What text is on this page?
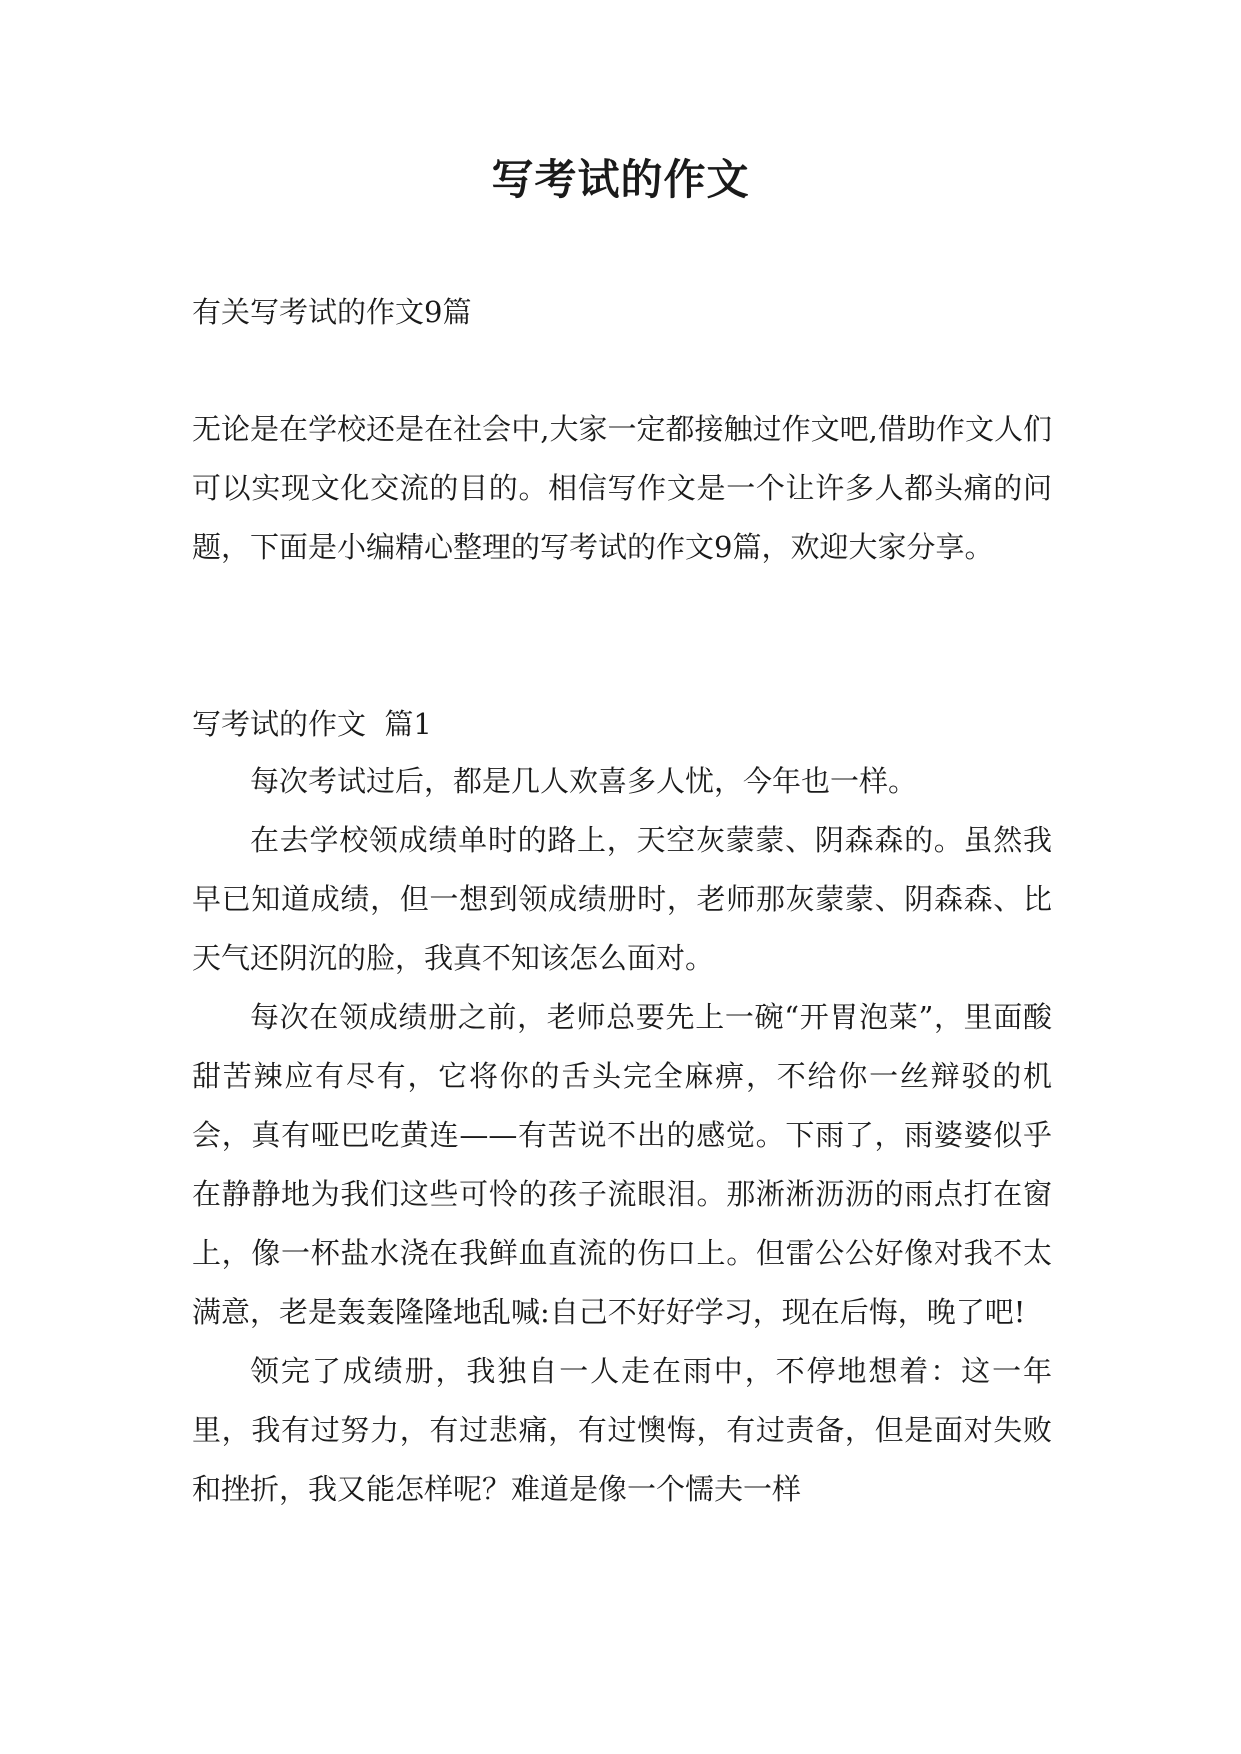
写考试的作文

有关写考试的作文9篇

无论是在学校还是在社会中,大家一定都接触过作文吧,借助作文人们可以实现文化交流的目的。相信写作文是一个让许多人都头痛的问题，下面是小编精心整理的写考试的作文9篇，欢迎大家分享。

写考试的作文  篇1

每次考试过后，都是几人欢喜多人忧，今年也一样。

在去学校领成绩单时的路上，天空灰蒙蒙、阴森森的。虽然我早已知道成绩，但一想到领成绩册时，老师那灰蒙蒙、阴森森、比天气还阴沉的脸，我真不知该怎么面对。

每次在领成绩册之前，老师总要先上一碗“开胃泡菜”，里面酸甜苦辣应有尽有，它将你的舌头完全麻痹，不给你一丝辩驳的机会，真有哑巴吃黄连——有苦说不出的感觉。下雨了，雨婆婆似乎在静静地为我们这些可怜的孩子流眼泪。那淅淅沥沥的雨点打在窗上，像一杯盐水浇在我鲜血直流的伤口上。但雷公公好像对我不太满意，老是轰轰隆隆地乱喊:自己不好好学习，现在后悔，晚了吧!

领完了成绩册，我独自一人走在雨中，不停地想着：这一年里，我有过努力，有过悲痛，有过懊悔，有过责备，但是面对失败和挫折，我又能怎样呢？难道是像一个懦夫一样
